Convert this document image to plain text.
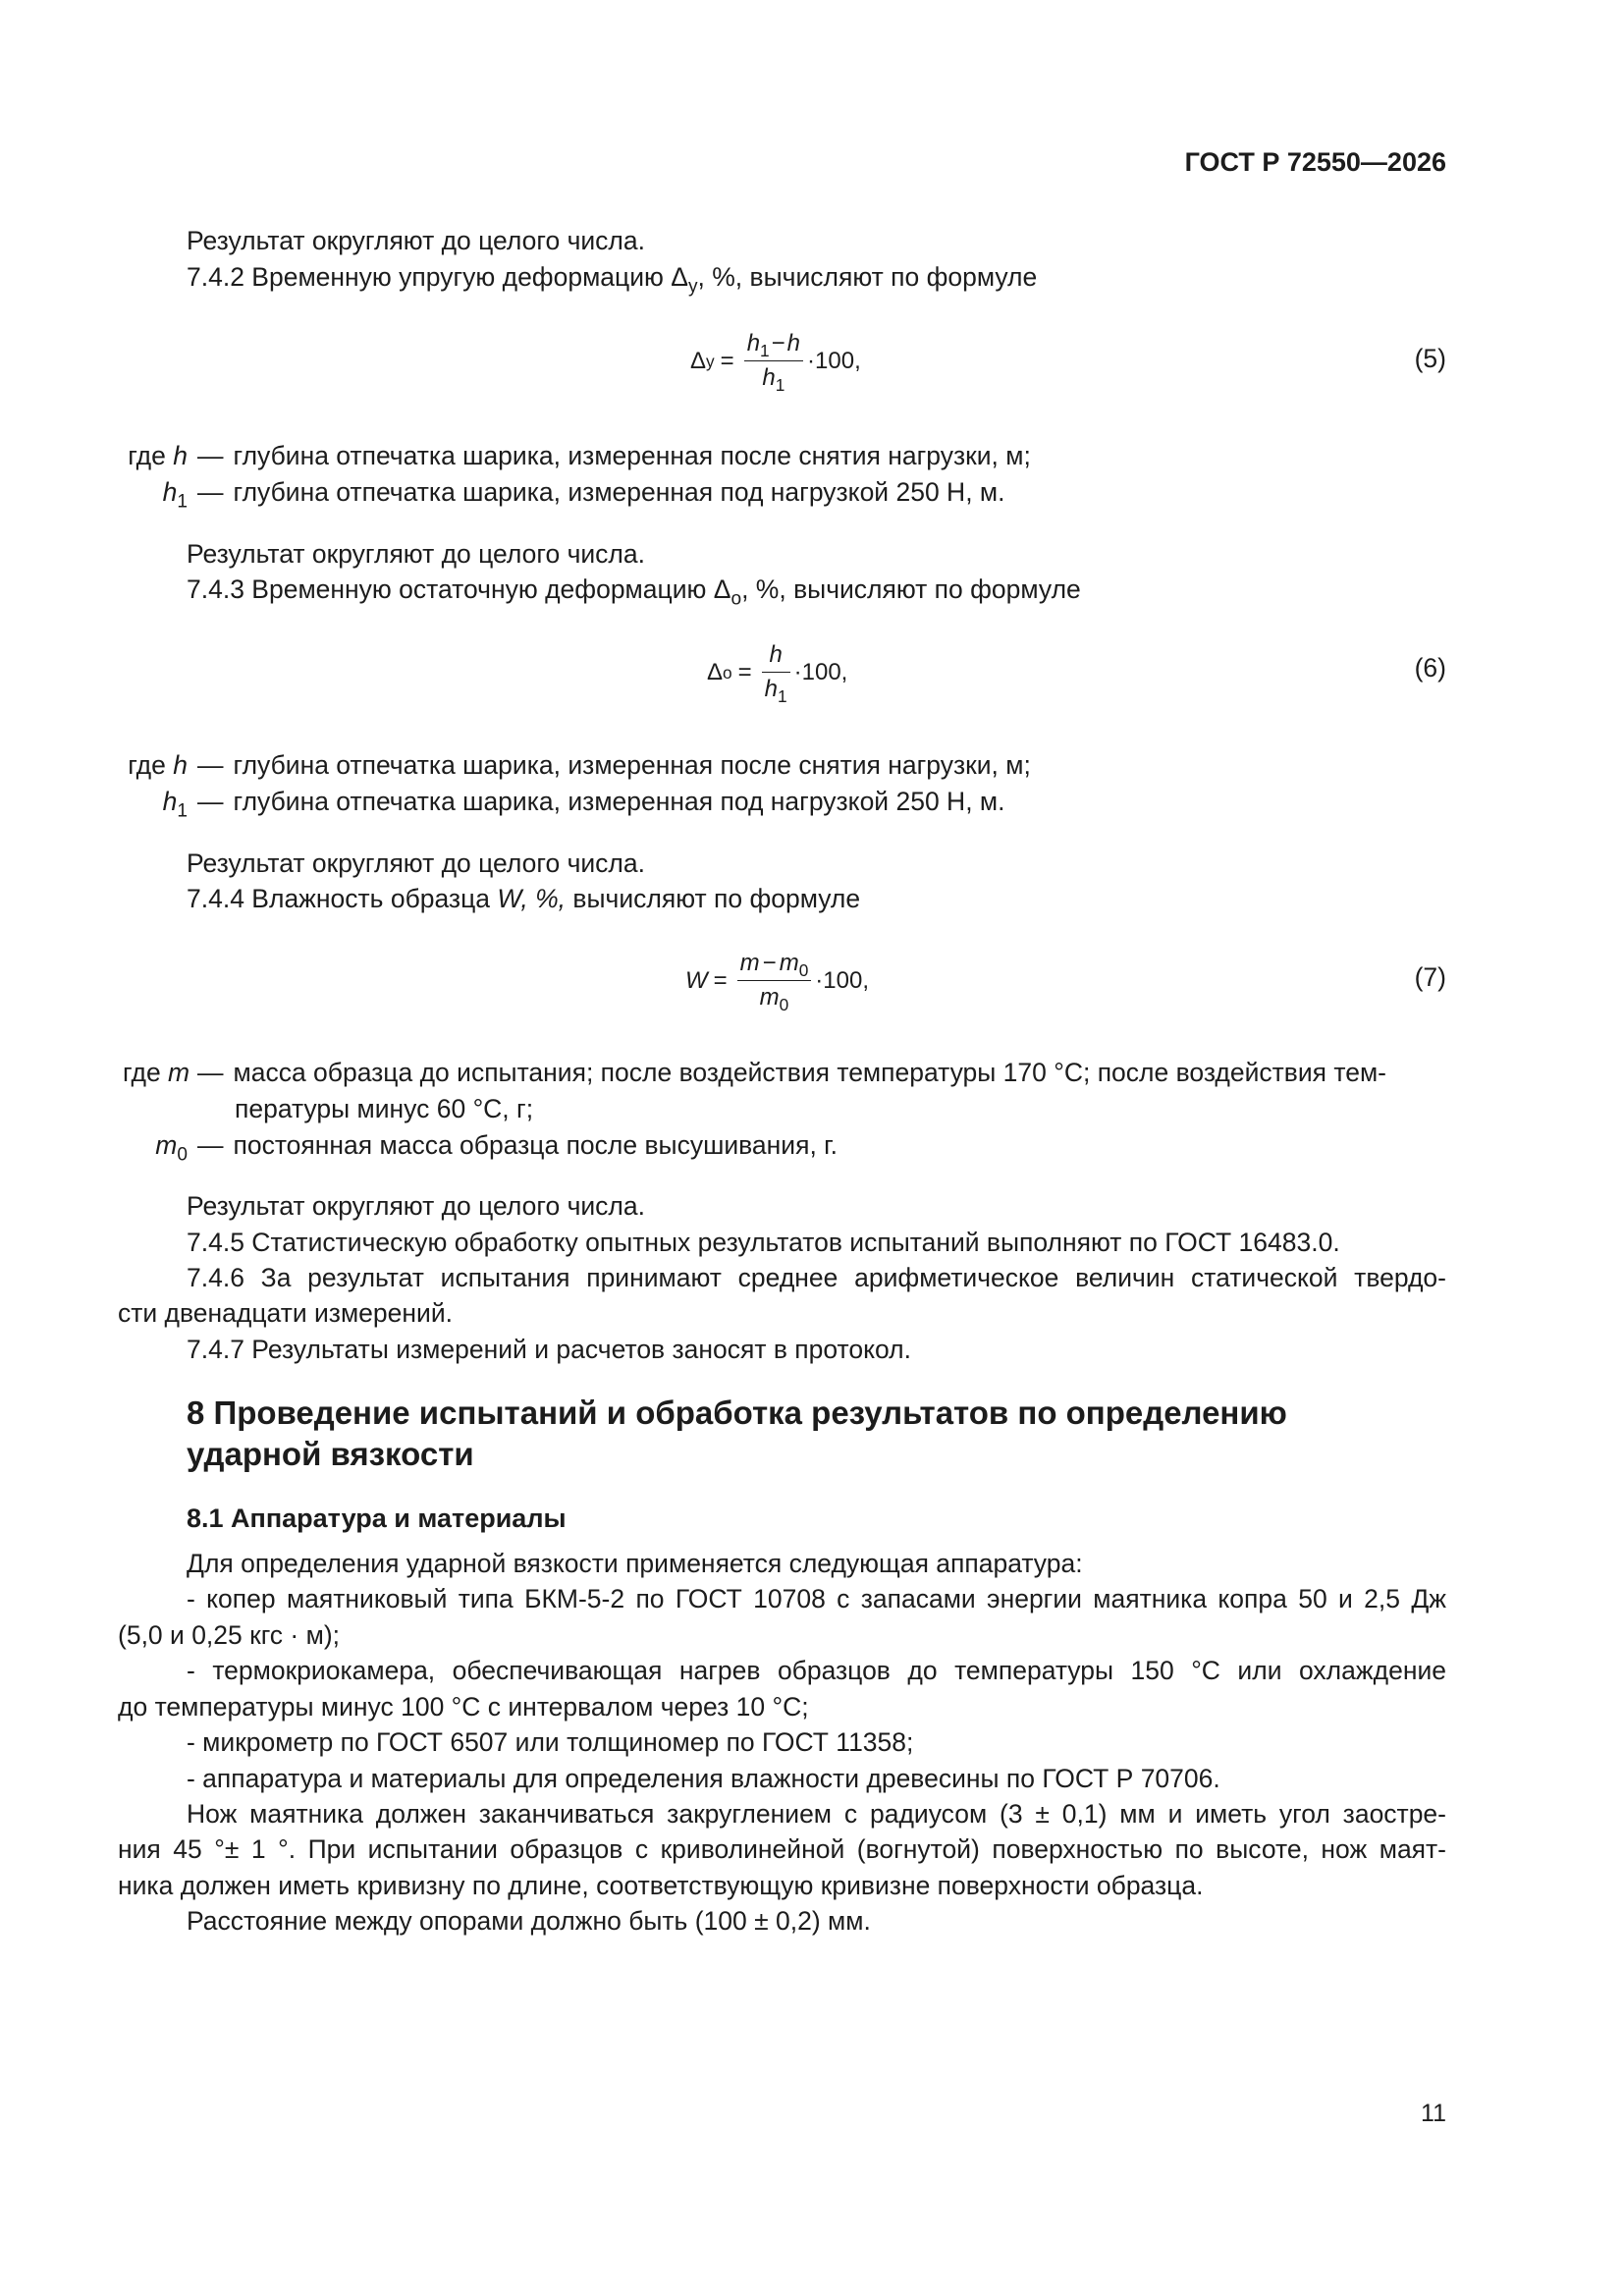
ГОСТ Р 72550—2026
Результат округляют до целого числа.
7.4.2 Временную упругую деформацию $\Delta_у$, %, вычисляют по формуле
Δ $у = \frac{h_1-h}{h_1} \cdot 100$,	(5)
где h — глубина отпечатка шарика, измеренная после снятия нагрузки, м;
$h_1$ — глубина отпечатка шарика, измеренная под нагрузкой 250 Н, м.
Результат округляют до целого числа.
7.4.3 Временную остаточную деформацию $\Delta_о$, %, вычисляют по формуле
Δ $о = \frac{h}{h_1} \cdot 100$,	(6)
где h — глубина отпечатка шарика, измеренная после снятия нагрузки, м;
$h_1$ — глубина отпечатка шарика, измеренная под нагрузкой 250 Н, м.
Результат округляют до целого числа.
7.4.4 Влажность образца W, %, вычисляют по формуле
$W = \frac{m - m_0}{m_0} \cdot 100$,	(7)
где m — масса образца до испытания; после воздействия температуры 170 °С; после воздействия тем-
пературы минус 60 °С, г;
$m_0$ — постоянная масса образца после высушивания, г.
Результат округляют до целого числа.
7.4.5 Статистическую обработку опытных результатов испытаний выполняют по ГОСТ 16483.0.
7.4.6 За результат испытания принимают среднее арифметическое величин статической твердо-
сти двенадцати измерений.
7.4.7 Результаты измерений и расчетов заносят в протокол.
8 Проведение испытаний и обработка результатов по определению
ударной вязкости
8.1 Аппаратура и материалы
Для определения ударной вязкости применяется следующая аппаратура:
- копер маятниковый типа БКМ-5-2 по ГОСТ 10708 с запасами энергии маятника копра 50 и 2,5 Дж
(5,0 и 0,25 кгс · м);
- термокриокамера, обеспечивающая нагрев образцов до температуры 150 °С или охлаждение
до температуры минус 100 °С с интервалом через 10 °С;
- микрометр по ГОСТ 6507 или толщиномер по ГОСТ 11358;
- аппаратура и материалы для определения влажности древесины по ГОСТ Р 70706.
Нож маятника должен заканчиваться закруглением с радиусом (3 ± 0,1) мм и иметь угол заостре-
ния 45 °± 1 °. При испытании образцов с криволинейной (вогнутой) поверхностью по высоте, нож маят-
ника должен иметь кривизну по длине, соответствующую кривизне поверхности образца.
Расстояние между опорами должно быть (100 ± 0,2) мм.
11
